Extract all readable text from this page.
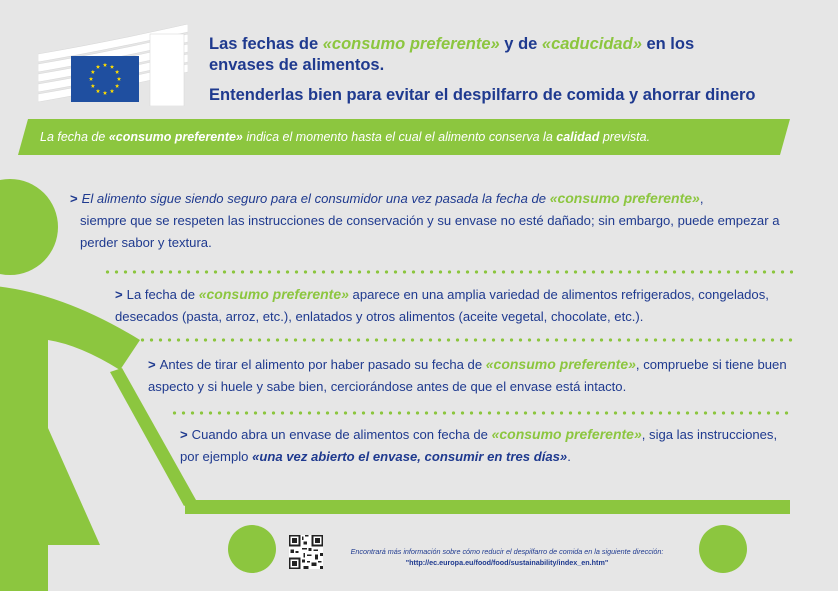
Las fechas de «consumo preferente» y de «caducidad» en los
envases de alimentos.
Entenderlas bien para evitar el despilfarro de comida y ahorrar dinero
La fecha de «consumo preferente» indica el momento hasta el cual el alimento conserva la calidad prevista.
> El alimento sigue siendo seguro para el consumidor una vez pasada la fecha de «consumo preferente»,
siempre que se respeten las instrucciones de conservación y su envase no esté dañado; sin embargo, puede empezar a perder sabor y textura.
> La fecha de «consumo preferente» aparece en una amplia variedad de alimentos refrigerados, congelados, desecados (pasta, arroz, etc.), enlatados y otros alimentos (aceite vegetal, chocolate, etc.).
> Antes de tirar el alimento por haber pasado su fecha de «consumo preferente», compruebe si tiene buen aspecto y si huele y sabe bien, cerciorándose antes de que el envase está intacto.
> Cuando abra un envase de alimentos con fecha de «consumo preferente», siga las instrucciones, por ejemplo «una vez abierto el envase, consumir en tres días».
Encontrará más información sobre cómo reducir el despilfarro de comida en la siguiente dirección:
"http://ec.europa.eu/food/food/sustainability/index_en.htm"
